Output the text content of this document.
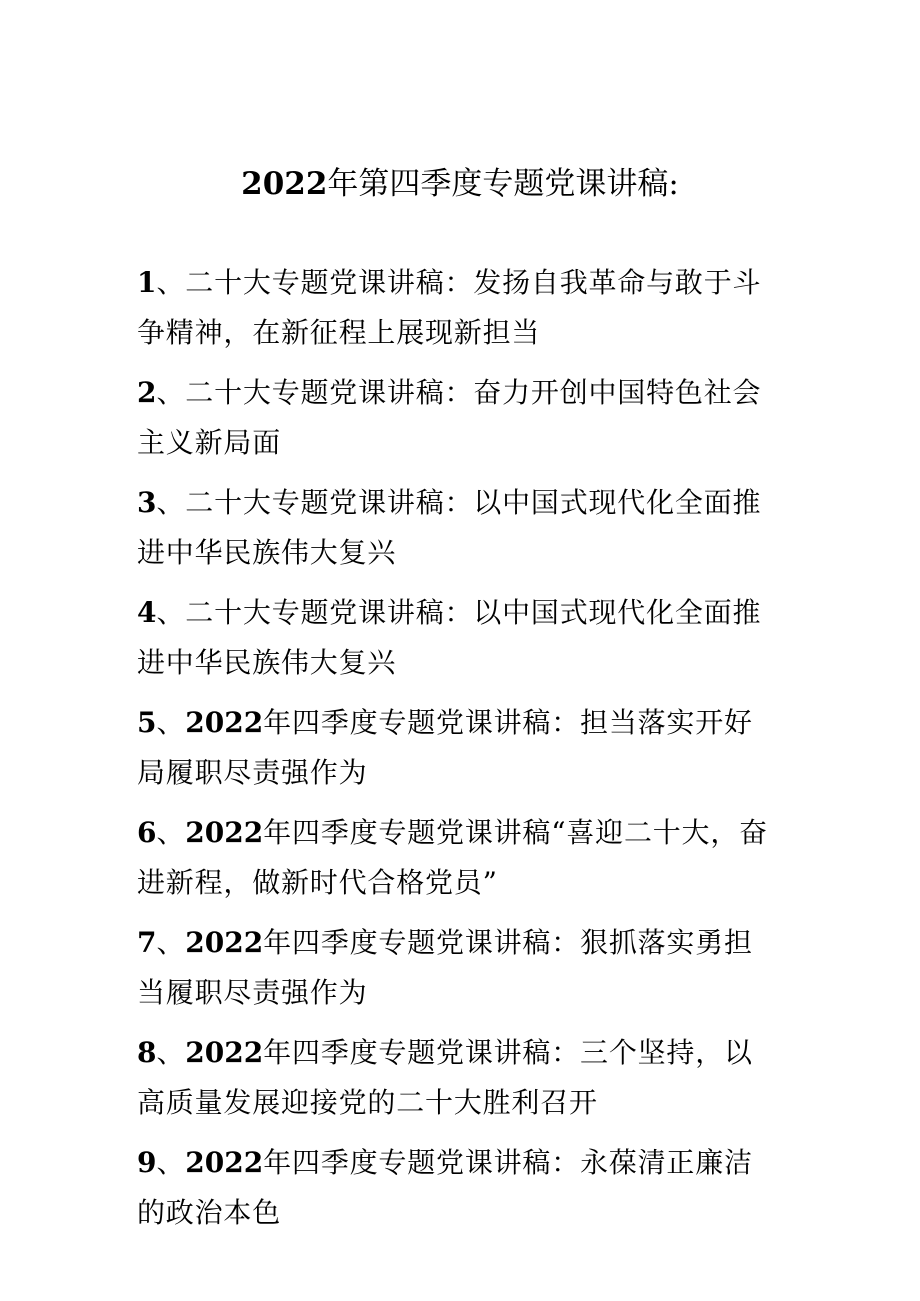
2022年第四季度专题党课讲稿:

1、二十大专题党课讲稿：发扬自我革命与敢于斗争精神，在新征程上展现新担当

2、二十大专题党课讲稿：奋力开创中国特色社会主义新局面

3、二十大专题党课讲稿：以中国式现代化全面推进中华民族伟大复兴

4、二十大专题党课讲稿：以中国式现代化全面推进中华民族伟大复兴

5、2022年四季度专题党课讲稿：担当落实开好局履职尽责强作为

6、2022年四季度专题党课讲稿“喜迎二十大，奋进新程，做新时代合格党员”

7、2022年四季度专题党课讲稿：狠抓落实勇担当履职尽责强作为

8、2022年四季度专题党课讲稿：三个坚持，以高质量发展迎接党的二十大胜利召开

9、2022年四季度专题党课讲稿：永葆清正廉洁的政治本色
